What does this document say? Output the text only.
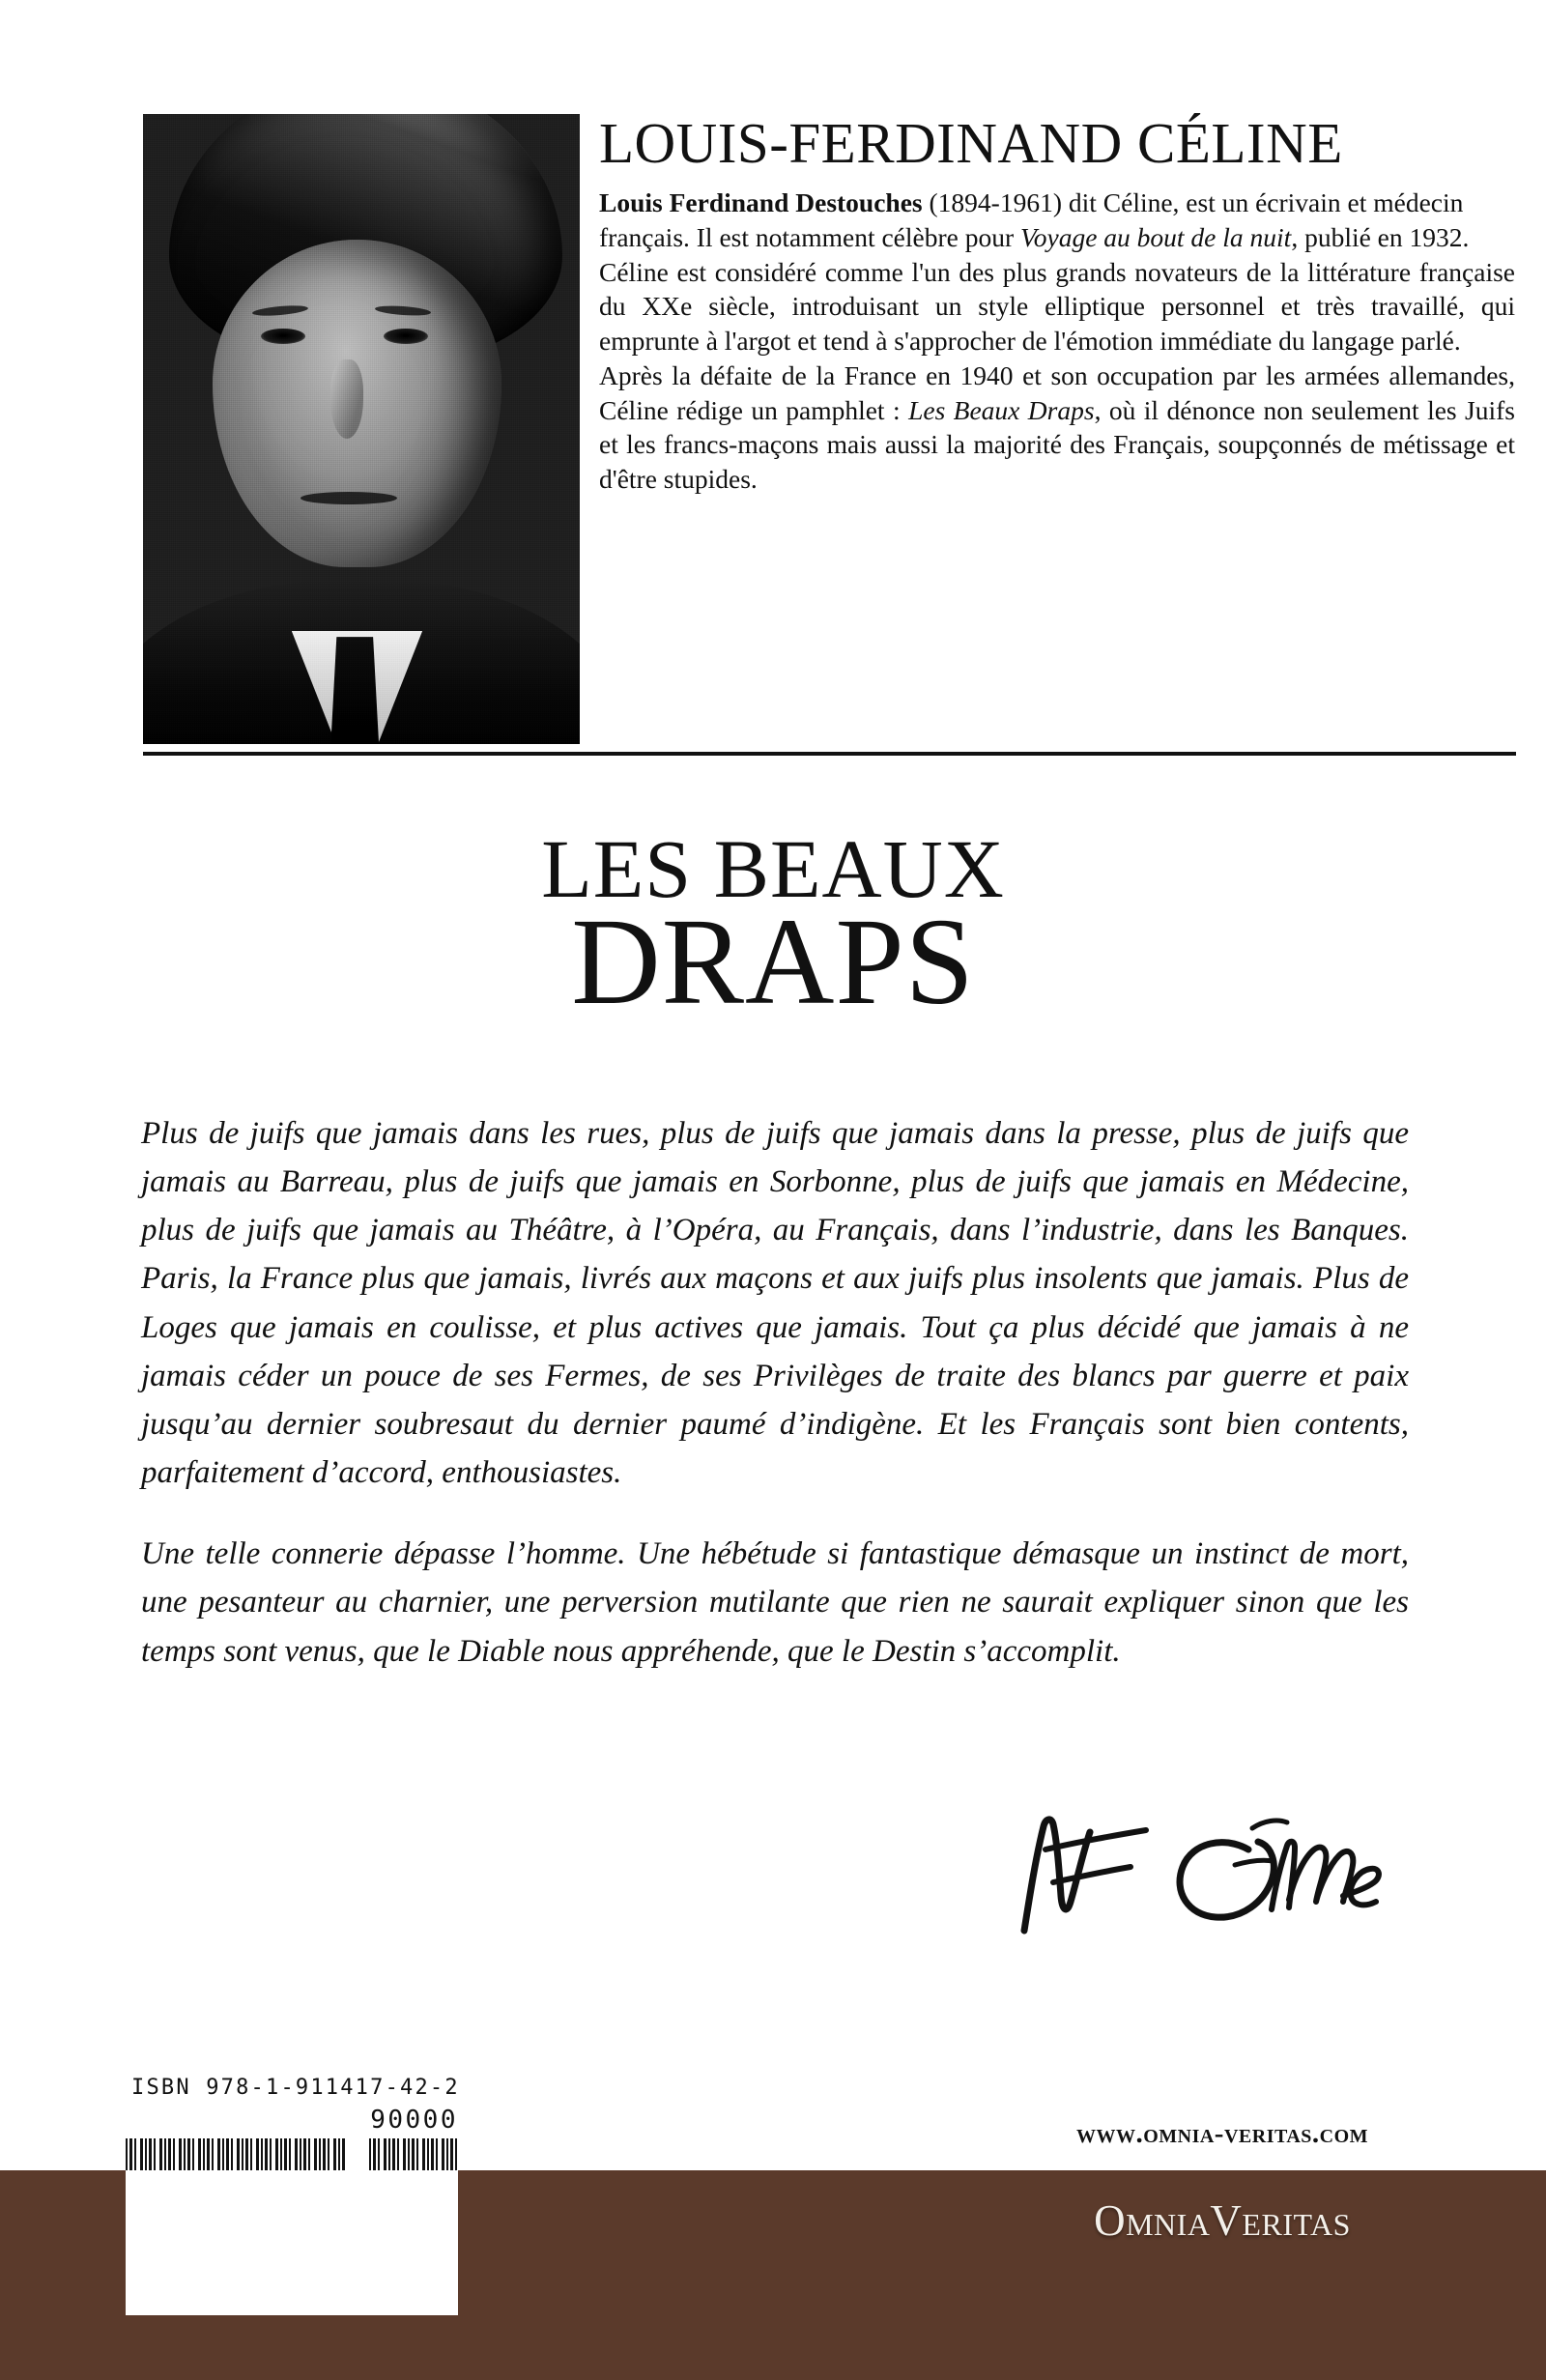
LOUIS-FERDINAND CÉLINE

Louis Ferdinand Destouches (1894-1961) dit Céline, est un écrivain et médecin français. Il est notamment célèbre pour Voyage au bout de la nuit, publié en 1932.

Céline est considéré comme l'un des plus grands novateurs de la littérature française du XXe siècle, introduisant un style elliptique personnel et très travaillé, qui emprunte à l'argot et tend à s'approcher de l'émotion immédiate du langage parlé.

Après la défaite de la France en 1940 et son occupation par les armées allemandes, Céline rédige un pamphlet : Les Beaux Draps, où il dénonce non seulement les Juifs et les francs-maçons mais aussi la majorité des Français, soupçonnés de métissage et d'être stupides.

LES BEAUX
DRAPS

Plus de juifs que jamais dans les rues, plus de juifs que jamais dans la presse, plus de juifs que jamais au Barreau, plus de juifs que jamais en Sorbonne, plus de juifs que jamais en Médecine, plus de juifs que jamais au Théâtre, à l’Opéra, au Français, dans l’industrie, dans les Banques. Paris, la France plus que jamais, livrés aux maçons et aux juifs plus insolents que jamais. Plus de Loges que jamais en coulisse, et plus actives que jamais. Tout ça plus décidé que jamais à ne jamais céder un pouce de ses Fermes, de ses Privilèges de traite des blancs par guerre et paix jusqu’au dernier soubresaut du dernier paumé d’indigène. Et les Français sont bien contents, parfaitement d’accord, enthousiastes.

Une telle connerie dépasse l’homme. Une hébétude si fantastique démasque un instinct de mort, une pesanteur au charnier, une perversion mutilante que rien ne saurait expliquer sinon que les temps sont venus, que le Diable nous appréhende, que le Destin s’accomplit.

ISBN 978-1-911417-42-2

90000	www.omnia-veritas.com
OmniaVeritas
